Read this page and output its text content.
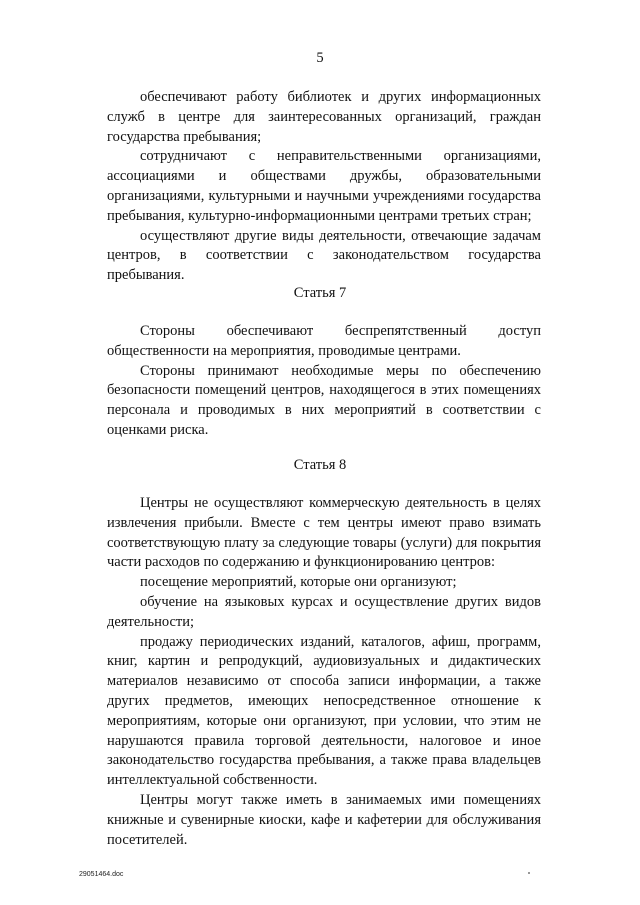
5

обеспечивают работу библиотек и других информационных служб в центре для заинтересованных организаций, граждан государства пребывания;

сотрудничают с неправительственными организациями, ассоциациями и обществами дружбы, образовательными организациями, культурными и научными учреждениями государства пребывания, культурно-информационными центрами третьих стран;

осуществляют другие виды деятельности, отвечающие задачам центров, в соответствии с законодательством государства пребывания.

Статья 7

Стороны обеспечивают беспрепятственный доступ общественности на мероприятия, проводимые центрами.

Стороны принимают необходимые меры по обеспечению безопасности помещений центров, находящегося в этих помещениях персонала и проводимых в них мероприятий в соответствии с оценками риска.

Статья 8

Центры не осуществляют коммерческую деятельность в целях извлечения прибыли. Вместе с тем центры имеют право взимать соответствующую плату за следующие товары (услуги) для покрытия части расходов по содержанию и функционированию центров:

посещение мероприятий, которые они организуют;

обучение на языковых курсах и осуществление других видов деятельности;

продажу периодических изданий, каталогов, афиш, программ, книг, картин и репродукций, аудиовизуальных и дидактических материалов независимо от способа записи информации, а также других предметов, имеющих непосредственное отношение к мероприятиям, которые они организуют, при условии, что этим не нарушаются правила торговой деятельности, налоговое и иное законодательство государства пребывания, а также права владельцев интеллектуальной собственности.

Центры могут также иметь в занимаемых ими помещениях книжные и сувенирные киоски, кафе и кафетерии для обслуживания посетителей.

29051464.doc
